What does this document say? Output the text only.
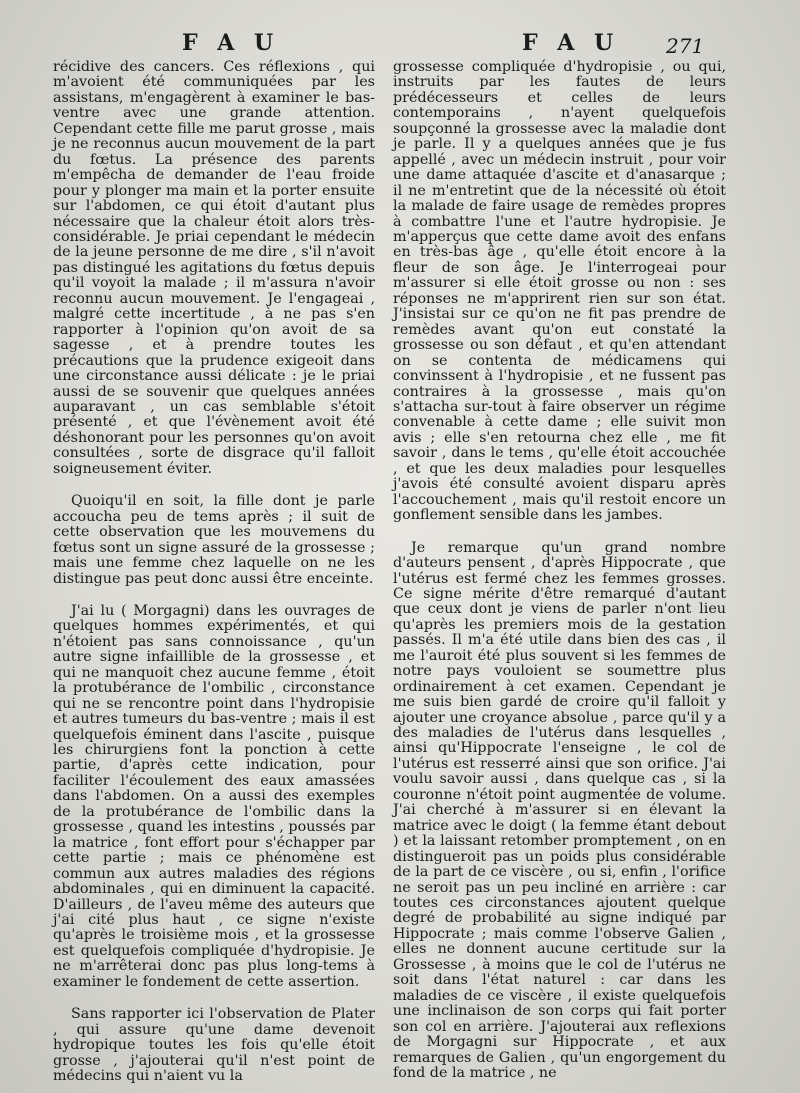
F A U	F A U 271

récidive des cancers. Ces réflexions , qui m'avoient été communiquées par les assistans, m'engagèrent à examiner le bas-ventre avec une grande attention. Cependant cette fille me parut grosse , mais je ne reconnus aucun mouvement de la part du fœtus. La présence des parents m'empêcha de demander de l'eau froide pour y plonger ma main et la porter ensuite sur l'abdomen, ce qui étoit d'autant plus nécessaire que la chaleur étoit alors très-considérable. Je priai cependant le médecin de la jeune personne de me dire , s'il n'avoit pas distingué les agitations du fœtus depuis qu'il voyoit la malade ; il m'assura n'avoir reconnu aucun mouvement. Je l'engageai , malgré cette incertitude , à ne pas s'en rapporter à l'opinion qu'on avoit de sa sagesse , et à prendre toutes les précautions que la prudence exigeoit dans une circonstance aussi délicate : je le priai aussi de se souvenir que quelques années auparavant , un cas semblable s'étoit présenté , et que l'évènement avoit été déshonorant pour les personnes qu'on avoit consultées , sorte de disgrace qu'il falloit soigneusement éviter.

Quoiqu'il en soit, la fille dont je parle accoucha peu de tems après ; il suit de cette observation que les mouvemens du fœtus sont un signe assuré de la grossesse ; mais une femme chez laquelle on ne les distingue pas peut donc aussi être enceinte.

J'ai lu ( Morgagni) dans les ouvrages de quelques hommes expérimentés, et qui n'étoient pas sans connoissance , qu'un autre signe infaillible de la grossesse , et qui ne manquoit chez aucune femme , étoit la protubérance de l'ombilic , circonstance qui ne se rencontre point dans l'hydropisie et autres tumeurs du bas-ventre ; mais il est quelquefois éminent dans l'ascite , puisque les chirurgiens font la ponction à cette partie, d'après cette indication, pour faciliter l'écoulement des eaux amassées dans l'abdomen. On a aussi des exemples de la protubérance de l'ombilic dans la grossesse , quand les intestins , poussés par la matrice , font effort pour s'échapper par cette partie ; mais ce phénomène est commun aux autres maladies des régions abdominales , qui en diminuent la capacité. D'ailleurs , de l'aveu même des auteurs que j'ai cité plus haut , ce signe n'existe qu'après le troisième mois , et la grossesse est quelquefois compliquée d'hydropisie. Je ne m'arrêterai donc pas plus long-tems à examiner le fondement de cette assertion.

Sans rapporter ici l'observation de Plater , qui assure qu'une dame devenoit hydropique toutes les fois qu'elle étoit grosse , j'ajouterai qu'il n'est point de médecins qui n'aient vu la

grossesse compliquée d'hydropisie , ou qui, instruits par les fautes de leurs prédécesseurs et celles de leurs contemporains , n'ayent quelquefois soupçonné la grossesse avec la maladie dont je parle. Il y a quelques années que je fus appellé , avec un médecin instruit , pour voir une dame attaquée d'ascite et d'anasarque ; il ne m'entretint que de la nécessité où étoit la malade de faire usage de remèdes propres à combattre l'une et l'autre hydropisie. Je m'apperçus que cette dame avoit des enfans en très-bas âge , qu'elle étoit encore à la fleur de son âge. Je l'interrogeai pour m'assurer si elle étoit grosse ou non : ses réponses ne m'apprirent rien sur son état. J'insistai sur ce qu'on ne fit pas prendre de remèdes avant qu'on eut constaté la grossesse ou son défaut , et qu'en attendant on se contenta de médicamens qui convinssent à l'hydropisie , et ne fussent pas contraires à la grossesse , mais qu'on s'attacha sur-tout à faire observer un régime convenable à cette dame ; elle suivit mon avis ; elle s'en retourna chez elle , me fit savoir , dans le tems , qu'elle étoit accouchée , et que les deux maladies pour lesquelles j'avois été consulté avoient disparu après l'accouchement , mais qu'il restoit encore un gonflement sensible dans les jambes.

Je remarque qu'un grand nombre d'auteurs pensent , d'après Hippocrate , que l'utérus est fermé chez les femmes grosses. Ce signe mérite d'être remarqué d'autant que ceux dont je viens de parler n'ont lieu qu'après les premiers mois de la gestation passés. Il m'a été utile dans bien des cas , il me l'auroit été plus souvent si les femmes de notre pays vouloient se soumettre plus ordinairement à cet examen. Cependant je me suis bien gardé de croire qu'il falloit y ajouter une croyance absolue , parce qu'il y a des maladies de l'utérus dans lesquelles , ainsi qu'Hippocrate l'enseigne , le col de l'utérus est resserré ainsi que son orifice. J'ai voulu savoir aussi , dans quelque cas , si la couronne n'étoit point augmentée de volume. J'ai cherché à m'assurer si en élevant la matrice avec le doigt ( la femme étant debout ) et la laissant retomber promptement , on en distingueroit pas un poids plus considérable de la part de ce viscère , ou si, enfin , l'orifice ne seroit pas un peu incliné en arrière : car toutes ces circonstances ajoutent quelque degré de probabilité au signe indiqué par Hippocrate ; mais comme l'observe Galien , elles ne donnent aucune certitude sur la Grossesse , à moins que le col de l'utérus ne soit dans l'état naturel : car dans les maladies de ce viscère , il existe quelquefois une inclinaison de son corps qui fait porter son col en arrière. J'ajouterai aux reflexions de Morgagni sur Hippocrate , et aux remarques de Galien , qu'un engorgement du fond de la matrice , ne
